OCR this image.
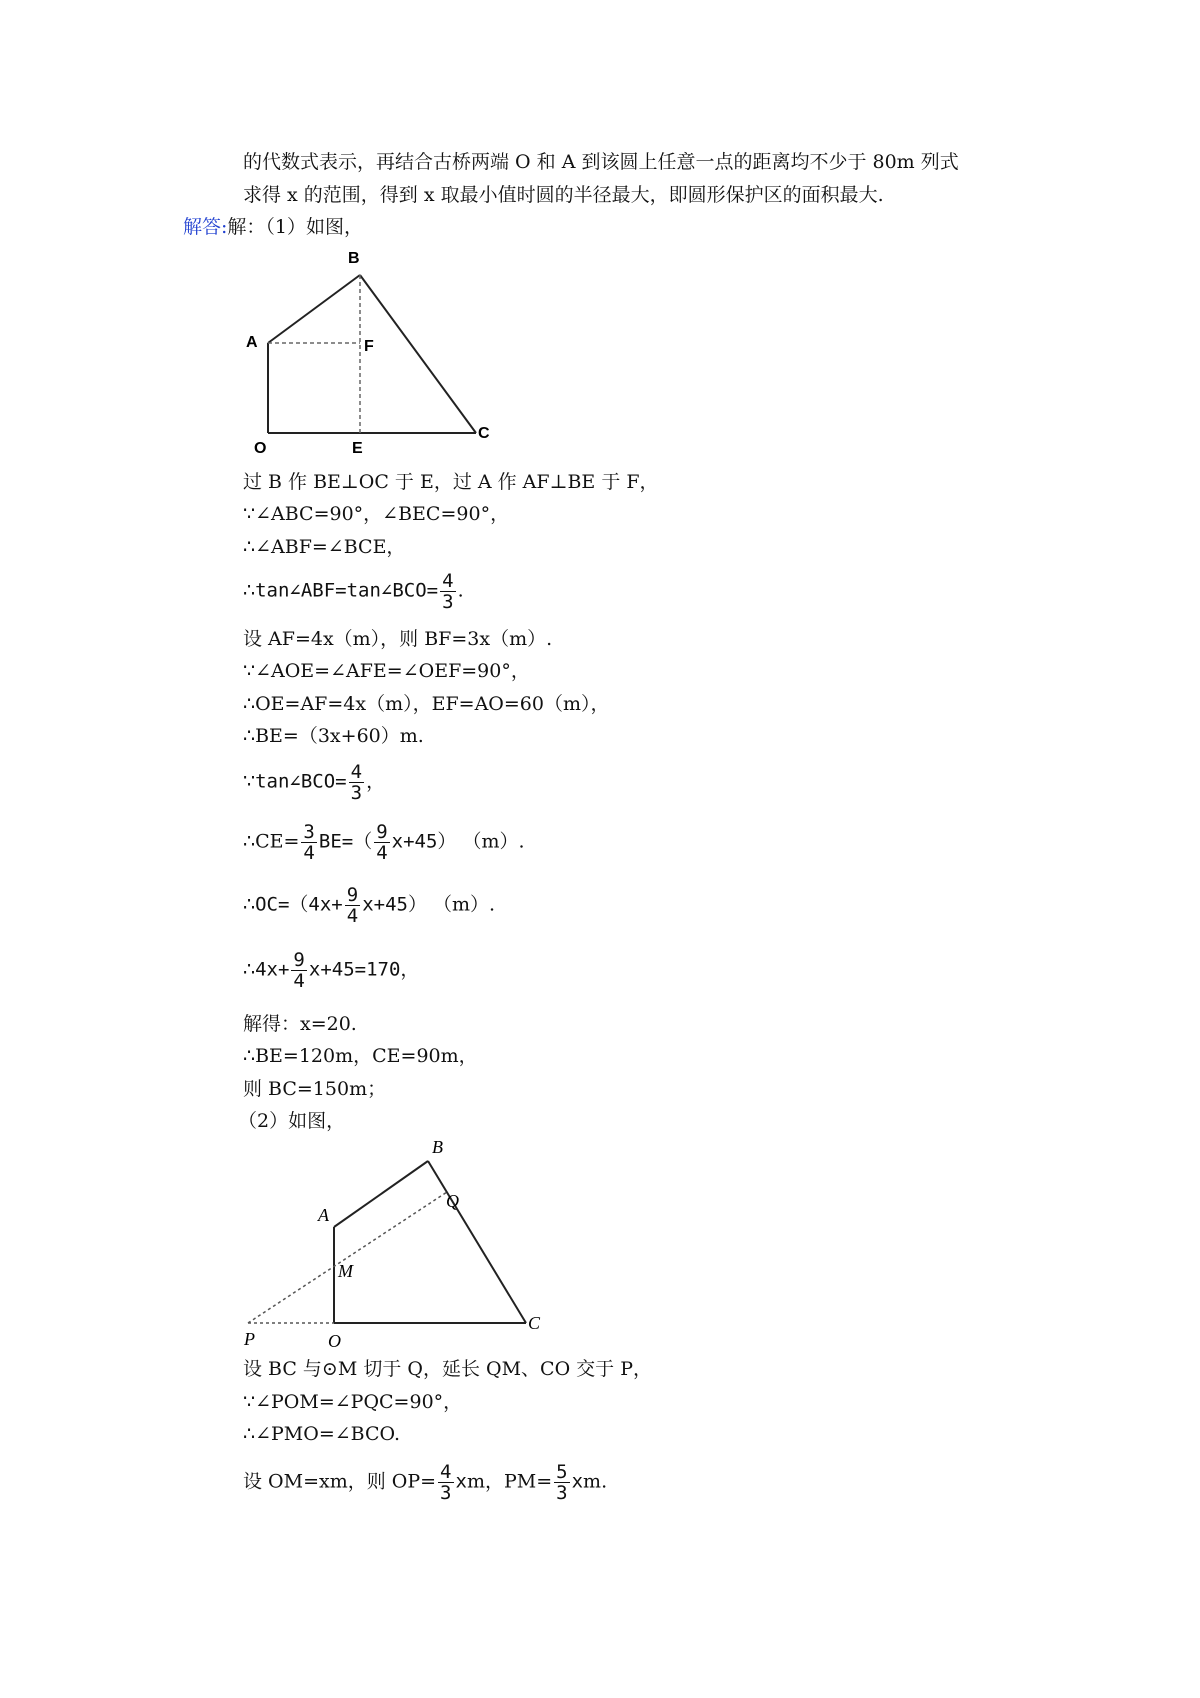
的代数式表示，再结合古桥两端 O 和 A 到该圆上任意一点的距离均不少于 80m 列式
求得 x 的范围，得到 x 取最小值时圆的半径最大，即圆形保护区的面积最大.
解答:解：（1）如图，
B
A	F
O	E
C
过 B 作 BE⊥OC 于 E，过 A 作 AF⊥BE 于 F，
∵∠ABC=90°，∠BEC=90°，
∴∠ABF=∠BCE，
∴tan∠ABF=tan∠BCO= $\frac{4}{3}$ .
设 AF=4x（m），则 BF=3x（m）.
∵∠AOE=∠AFE=∠OEF=90°，
∴OE=AF=4x（m），EF=AO=60（m），
∴BE=（3x+60）m.
∵tan∠BCO= $\frac{4}{3}$ ，
∴CE= $\frac{3}{4} BE=( \frac{9}{4} x+45)$ （m）.
∴OC=（4x+ $\frac{9}{4} x+45$） （m）.
∴4x+ $\frac{9}{4} x+45=170$，
解得：x=20.
∴BE=120m，CE=90m，
则 BC=150m；
（2）如图，
B
Q
A
M
P	O
C
设 BC 与⊙M 切于 Q，延长 QM、CO 交于 P，
∵∠POM=∠PQC=90°，
∴∠PMO=∠BCO.
设 OM=xm，则 $OP= \frac{4}{3}$ xm，$PM= \frac{5}{3}$ xm.
